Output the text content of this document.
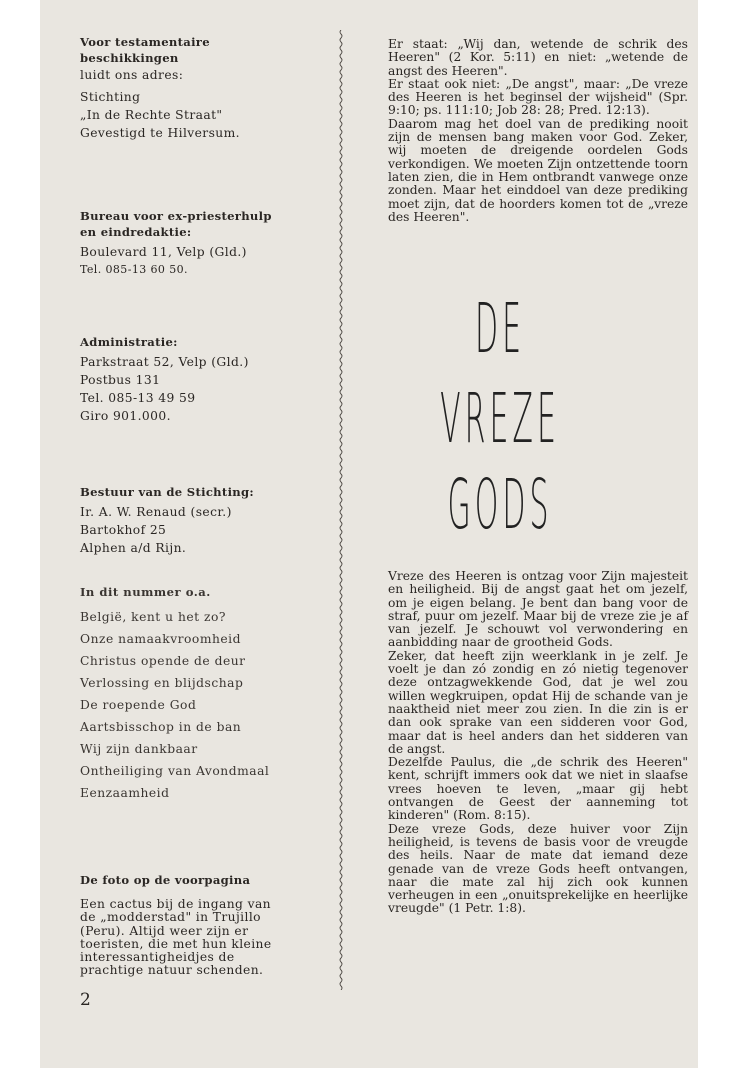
Voor testamentaire
beschikkingen
luidt ons adres:
Stichting
„In de Rechte Straat"
Gevestigd te Hilversum.
Bureau voor ex-priesterhulp
en eindredaktie:
Boulevard 11, Velp (Gld.)
Tel. 085-13 60 50.
Administratie:
Parkstraat 52, Velp (Gld.)
Postbus 131
Tel. 085-13 49 59
Giro 901.000.
Bestuur van de Stichting:
Ir. A. W. Renaud (secr.)
Bartokhof 25
Alphen a/d Rijn.
In dit nummer o.a.
België, kent u het zo?
Onze namaakvroomheid
Christus opende de deur
Verlossing en blijdschap
De roepende God
Aartsbisschop in de ban
Wij zijn dankbaar
Ontheiliging van Avondmaal
Eenzaamheid
De foto op de voorpagina
Een cactus bij de ingang van
de „modderstad" in Trujillo
(Peru). Altijd weer zijn er
toeristen, die met hun kleine
interessantigheidjes de
prachtige natuur schenden.
2

Er staat: „Wij dan, wetende de schrik des Heeren" (2 Kor. 5:11) en niet: „wetende de angst des Heeren".

Er staat ook niet: „De angst", maar: „De vreze des Heeren is het beginsel der wijsheid" (Spr. 9:10; ps. 111:10; Job 28: 28; Pred. 12:13).

Daarom mag het doel van de prediking nooit zijn de mensen bang maken voor God. Zeker, wij moeten de dreigende oordelen Gods verkondigen. We moeten Zijn ontzettende toorn laten zien, die in Hem ontbrandt vanwege onze zonden. Maar het einddoel van deze prediking moet zijn, dat de hoorders komen tot de „vreze des Heeren".

DE
VREZE
GODS

Vreze des Heeren is ontzag voor Zijn majesteit en heiligheid. Bij de angst gaat het om jezelf, om je eigen belang. Je bent dan bang voor de straf, puur om jezelf. Maar bij de vreze zie je af van jezelf. Je schouwt vol verwondering en aanbidding naar de grootheid Gods.

Zeker, dat heeft zijn weerklank in je zelf. Je voelt je dan zó zondig en zó nietig tegenover deze ontzagwekkende God, dat je wel zou willen wegkruipen, opdat Hij de schande van je naaktheid niet meer zou zien. In die zin is er dan ook sprake van een sidderen voor God, maar dat is heel anders dan het sidderen van de angst.

Dezelfde Paulus, die „de schrik des Heeren" kent, schrijft immers ook dat we niet in slaafse vrees hoeven te leven, „maar gij hebt ontvangen de Geest der aanneming tot kinderen" (Rom. 8:15).

Deze vreze Gods, deze huiver voor Zijn heiligheid, is tevens de basis voor de vreugde des heils. Naar de mate dat iemand deze genade van de vreze Gods heeft ontvangen, naar die mate zal hij zich ook kunnen verheugen in een „onuitsprekelijke en heerlijke vreugde" (1 Petr. 1:8).
